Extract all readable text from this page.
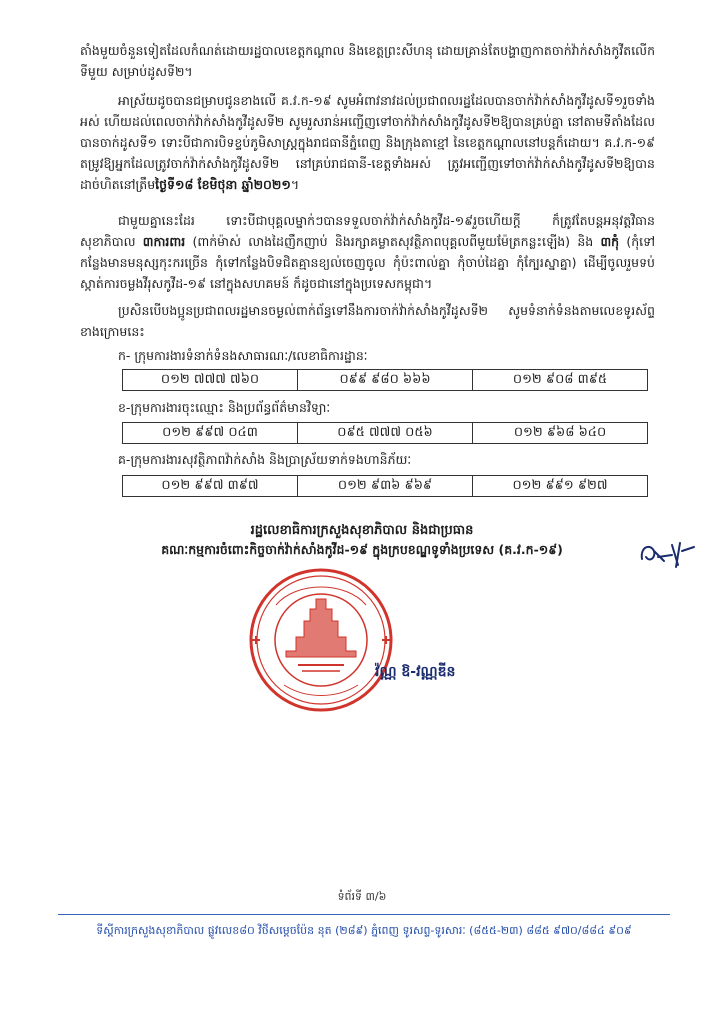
តាំងមួយចំនួនទៀតដែលកំណត់ដោយរដ្ឋបាលខេត្តកណ្ដាល និងខេត្តព្រះសីហនុ ដោយគ្រាន់តែបង្ហាញកាតចាក់វ៉ាក់សាំងកូវីតលើកទីមួយ សម្រាប់ដូសទី២។
អាស្រ័យដូចបានជម្រាបជូនខាងលើ គ.វ.ក-១៩ សូមអំពាវនាវដល់ប្រជាពលរដ្ឋដែលបានចាក់វ៉ាក់សាំងកូវីដូសទី១រួចទាំងអស់ ហើយដល់ពេលចាក់វ៉ាក់សាំងកូវីដូសទី២ សូមរួសរាន់អញ្ជើញទៅចាក់វ៉ាក់សាំងកូវីដូសទី២ឱ្យបានគ្រប់គ្នា នៅតាមទីតាំងដែលបានចាក់ដូសទី១ ទោះបីជាការបិទខ្ទប់ភូមិសាស្រ្តក្នុងរាជធានីភ្នំពេញ និងក្រុងតាខ្មៅ នៃខេត្តកណ្ដាលនៅបន្តក៏ដោយ។ គ.វ.ក-១៩ តម្រូវឱ្យអ្នកដែលត្រូវចាក់វ៉ាក់សាំងកូវីដូសទី២ នៅគ្រប់រាជធានី-ខេត្តទាំងអស់ ត្រូវអញ្ជើញទៅចាក់វ៉ាក់សាំងកូវីដូសទី២ឱ្យបានដាច់ហិតនៅត្រឹមថ្ងៃទី១៨ ខែមិថុនា ឆ្នាំ២០២១។
ជាមួយគ្នានេះដែរ ទោះបីជាបុគ្គលម្នាក់ៗបានទទួលចាក់វ៉ាក់សាំងកូវីដ-១៩រួចហើយក្ដី ក៏ត្រូវតែបន្តអនុវត្តវិធានសុខាភិបាល ៣ការពារ (ពាក់ម៉ាស់ លាងដៃញឹកញាប់ និងរក្សាគម្លាតសុវត្ថិភាពបុគ្គលពីមួយម៉ែត្រកន្លះឡើង) និង ៣កុំ (កុំទៅកន្លែងមានមនុស្សកុះករច្រើន កុំទៅកន្លែងបិទជិតគ្មានខ្យល់ចេញចូល កុំប៉ះពាល់គ្នា កុំចាប់ដៃគ្នា កុំក្បែរស្នាគ្នា) ដើម្បីចូលរួមទប់ស្កាត់ការចម្លងវីរុសកូវីដ-១៩ នៅក្នុងសហគមន៍ ក៏ដូចជានៅក្នុងប្រទេសកម្ពុជា។
ប្រសិនបើបងប្អូនប្រជាពលរដ្ឋមានចម្ងល់ពាក់ព័ន្ធទៅនឹងការចាក់វ៉ាក់សាំងកូវីដូសទី២ សូមទំនាក់ទំនងតាមលេខទូរស័ព្ទខាងក្រោមនេះ
ក- ក្រុមការងារទំនាក់ទំនងសាធារណៈ/លេខាធិការដ្ឋានៈ
០១២ ៧៧៧ ៧៦០	០៩៩ ៩៨០ ៦៦៦	០១២ ៩០៨ ៣៩៥
ខ-ក្រុមការងារចុះឈ្មោះ និងប្រព័ន្ធព័ត៌មានវិទ្យាៈ
០១២ ៩៩៧ ០៤៣	០៩៥ ៧៧៧ ០៥៦	០១២ ៩៦៨ ៦៤០
គ-ក្រុមការងារសុវត្ថិភាពវ៉ាក់សាំង និងប្រាស្រ័យទាក់ទងហានិភ័យៈ
០១២ ៩៩៧ ៣៩៧	០១២ ៩៣៦ ៩៦៩	០១២ ៩៩១ ៩២៧
រដ្ឋលេខាធិការក្រសួងសុខាភិបាល និងជាប្រធាន
គណៈកម្មការចំពោះកិច្ចចាក់វ៉ាក់សាំងកូវីដ-១៩ ក្នុងក្របខណ្ឌទូទាំងប្រទេស (គ.វ.ក-១៩)
វ៉ណ្ណ ឱ-វណ្ណឌីន
ទំព័រទី ៣/៦
ទីស្ដីការក្រសួងសុខាភិបាល ផ្លូវលេខ៨០ វិថីសម្ដេចប៉ែន នុត (២៨៩) ភ្នំពេញ ទូរសព្ទ-ទូរសារៈ (៨៥៥-២៣) ៨៨៥ ៩៧០/៨៨៤ ៩០៩
